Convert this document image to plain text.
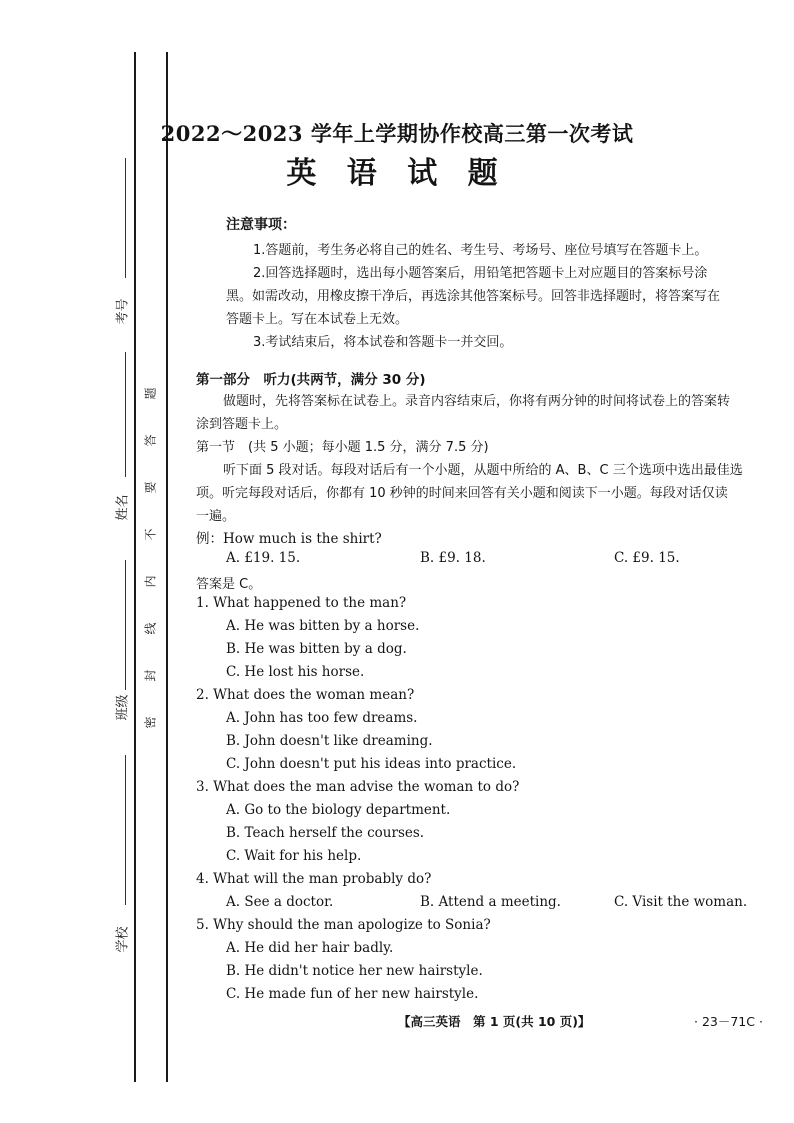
考号
姓名
班级
学校
题
答
要
不
内
线
封
密
2022～2023 学年上学期协作校高三第一次考试
英 语 试 题
注意事项：
1.答题前，考生务必将自己的姓名、考生号、考场号、座位号填写在答题卡上。
2.回答选择题时，选出每小题答案后，用铅笔把答题卡上对应题目的答案标号涂
黑。如需改动，用橡皮擦干净后，再选涂其他答案标号。回答非选择题时，将答案写在
答题卡上。写在本试卷上无效。
3.考试结束后，将本试卷和答题卡一并交回。
第一部分　听力(共两节，满分 30 分)
做题时，先将答案标在试卷上。录音内容结束后，你将有两分钟的时间将试卷上的答案转
涂到答题卡上。
第一节　(共 5 小题；每小题 1.5 分，满分 7.5 分)
听下面 5 段对话。每段对话后有一个小题，从题中所给的 A、B、C 三个选项中选出最佳选
项。听完每段对话后，你都有 10 秒钟的时间来回答有关小题和阅读下一小题。每段对话仅读
一遍。
例：How much is the shirt?
A. £19. 15.	B. £9. 18.	C. £9. 15.
答案是 C。
1. What happened to the man?
A. He was bitten by a horse.
B. He was bitten by a dog.
C. He lost his horse.
2. What does the woman mean?
A. John has too few dreams.
B. John doesn't like dreaming.
C. John doesn't put his ideas into practice.
3. What does the man advise the woman to do?
A. Go to the biology department.
B. Teach herself the courses.
C. Wait for his help.
4. What will the man probably do?
A. See a doctor.	B. Attend a meeting.	C. Visit the woman.
5. Why should the man apologize to Sonia?
A. He did her hair badly.
B. He didn't notice her new hairstyle.
C. He made fun of her new hairstyle.
【高三英语　第 1 页(共 10 页)】	· 23－71C ·
